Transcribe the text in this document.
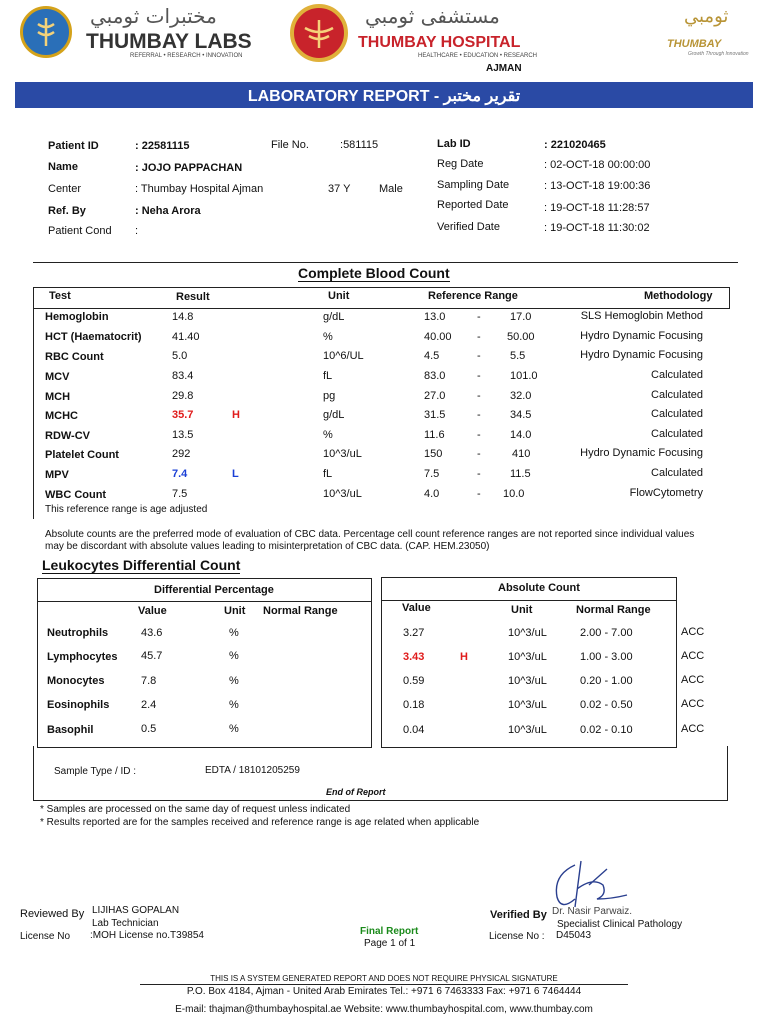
مختبرات ثومبي
THUMBAY LABS
REFERRAL • RESEARCH • INNOVATION
مستشفى ثومبي
THUMBAY HOSPITAL
HEALTHCARE • EDUCATION • RESEARCH
AJMAN
ثومبي
THUMBAY
Growth Through Innovation
LABORATORY REPORT - تقرير مختبر
Patient ID	: 22581115	File No.	:581115
Name	: JOJO PAPPACHAN
Center	: Thumbay Hospital Ajman	37 Y	Male
Ref. By	: Neha Arora
Patient Cond :
Lab ID	: 221020465
Reg Date	: 02-OCT-18 00:00:00
Sampling Date	: 13-OCT-18 19:00:36
Reported Date	: 19-OCT-18 11:28:57
Verified Date	: 19-OCT-18 11:30:02
Complete Blood Count
Test	Result	Unit	Reference Range	Methodology
Hemoglobin	14.8	g/dL	13.0	-	17.0	SLS Hemoglobin Method
HCT (Haematocrit)	41.40	%	40.00 - 50.00	Hydro Dynamic Focusing
RBC Count	5.0	10^6/UL	4.5	-	5.5	Hydro Dynamic Focusing
MCV	83.4	fL	83.0	-	101.0	Calculated
MCH	29.8	pg	27.0	-	32.0	Calculated
MCHC	35.7	H	g/dL	31.5	-	34.5	Calculated
RDW-CV	13.5	%	11.6	-	14.0	Calculated
Platelet Count	292	10^3/uL	150	-	410	Hydro Dynamic Focusing
MPV	7.4	L	fL	7.5	-	11.5	Calculated
WBC Count	7.5	10^3/uL	4.0	- 10.0	FlowCytometry
This reference range is age adjusted
Absolute counts are the preferred mode of evaluation of CBC data. Percentage cell count reference ranges are not reported since individual values
may be discordant with absolute values leading to misinterpretation of CBC data. (CAP. HEM.23050)
Leukocytes Differential Count
Differential Percentage
Value	Unit Normal Range
Absolute Count
Value	Unit	Normal Range
Neutrophils	43.6	%	3.27	10^3/uL	2.00 - 7.00	ACC
Lymphocytes 45.7	%	3.43	H	10^3/uL	1.00 - 3.00	ACC
Monocytes	7.8	%	0.59	10^3/uL	0.20 - 1.00	ACC
Eosinophils	2.4	%	0.18	10^3/uL	0.02 - 0.50	ACC
Basophil	0.5	%	0.04	10^3/uL	0.02 - 0.10	ACC
Sample Type / ID :	EDTA / 18101205259
End of Report
* Samples are processed on the same day of request unless indicated
* Results reported are for the samples received and reference range is age related when applicable
Reviewed By LIJIHAS GOPALAN
Lab Technician
License No :MOH License no.T39854	Final Report
Page 1 of 1
Verified By Dr. Nasir Parwaiz.
Specialist Clinical Pathology
License No : D45043
THIS IS A SYSTEM GENERATED REPORT AND DOES NOT REQUIRE PHYSICAL SIGNATURE
P.O. Box 4184, Ajman - United Arab Emirates Tel.: +971 6 7463333 Fax: +971 6 7464444
E-mail: thajman@thumbayhospital.ae Website: www.thumbayhospital.com, www.thumbay.com
